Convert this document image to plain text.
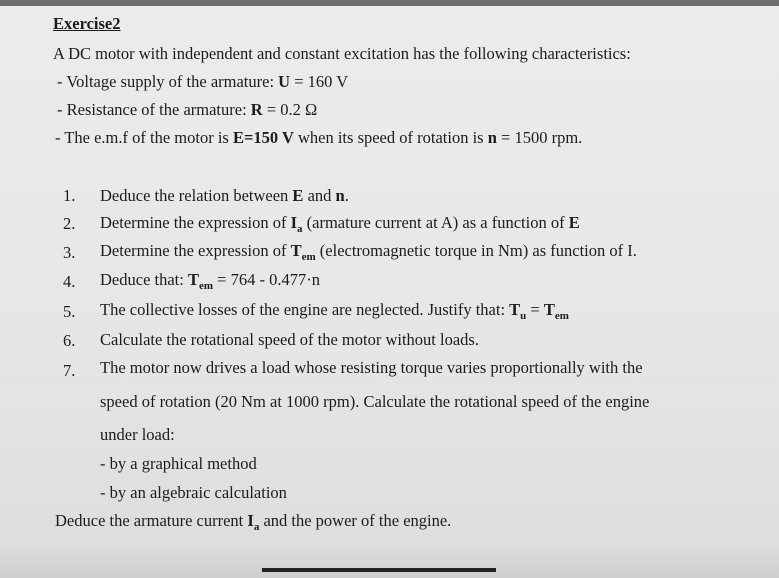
Exercise2
A DC motor with independent and constant excitation has the following characteristics:
- Voltage supply of the armature: U = 160 V
- Resistance of the armature: R = 0.2 Ω
- The e.m.f of the motor is E=150 V when its speed of rotation is n = 1500 rpm.
1. Deduce the relation between E and n.
2. Determine the expression of $I_a$ (armature current at A) as a function of E
3. Determine the expression of $T_{em}$ (electromagnetic torque in Nm) as function of I.
4. Deduce that: $T_{em} = 764 - 0.477\cdot n$
5. The collective losses of the engine are neglected. Justify that: $T_u = T_{em}$
6. Calculate the rotational speed of the motor without loads.
7. The motor now drives a load whose resisting torque varies proportionally with the
speed of rotation (20 Nm at 1000 rpm). Calculate the rotational speed of the engine
under load:
- by a graphical method
- by an algebraic calculation
Deduce the armature current $I_a$ and the power of the engine.
